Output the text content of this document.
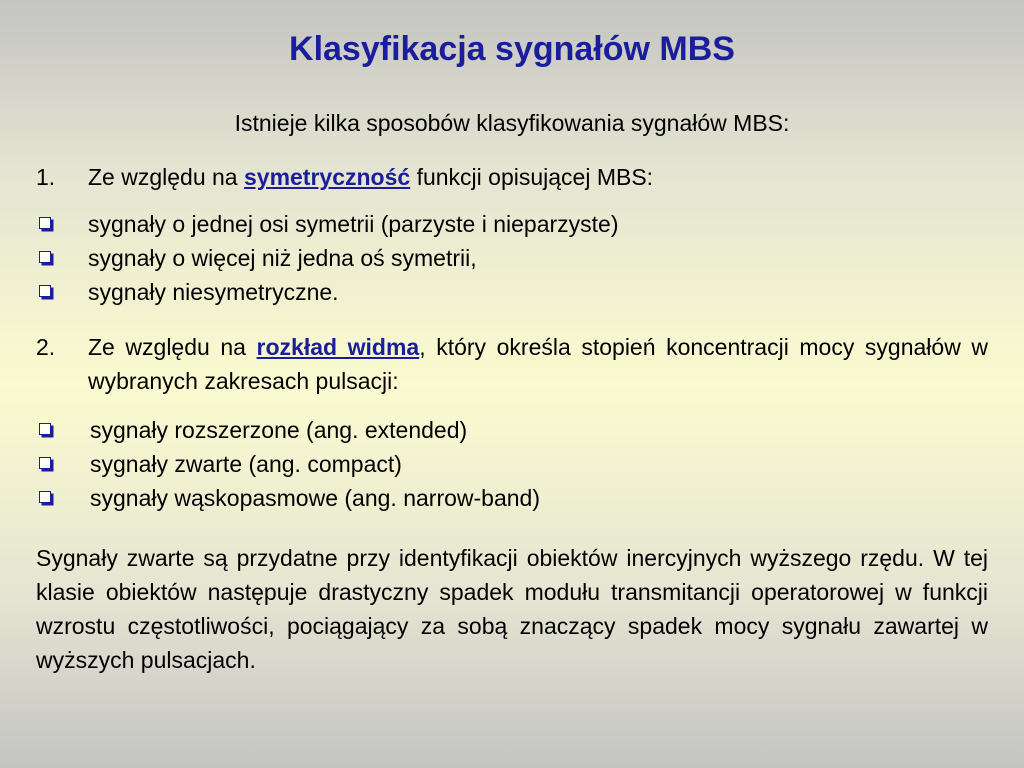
Klasyfikacja sygnałów MBS
Istnieje kilka sposobów klasyfikowania sygnałów MBS:
1. Ze względu na symetryczność funkcji opisującej MBS:
sygnały o jednej osi symetrii (parzyste i nieparzyste)
sygnały o więcej niż jedna oś symetrii,
sygnały niesymetryczne.
2. Ze względu na rozkład widma, który określa stopień koncentracji mocy sygnałów w wybranych zakresach pulsacji:
sygnały rozszerzone (ang. extended)
sygnały zwarte (ang. compact)
sygnały wąskopasmowe (ang. narrow-band)
Sygnały zwarte są przydatne przy identyfikacji obiektów inercyjnych wyższego rzędu. W tej klasie obiektów następuje drastyczny spadek modułu transmitancji operatorowej w funkcji wzrostu częstotliwości, pociągający za sobą znaczący spadek mocy sygnału zawartej w wyższych pulsacjach.
